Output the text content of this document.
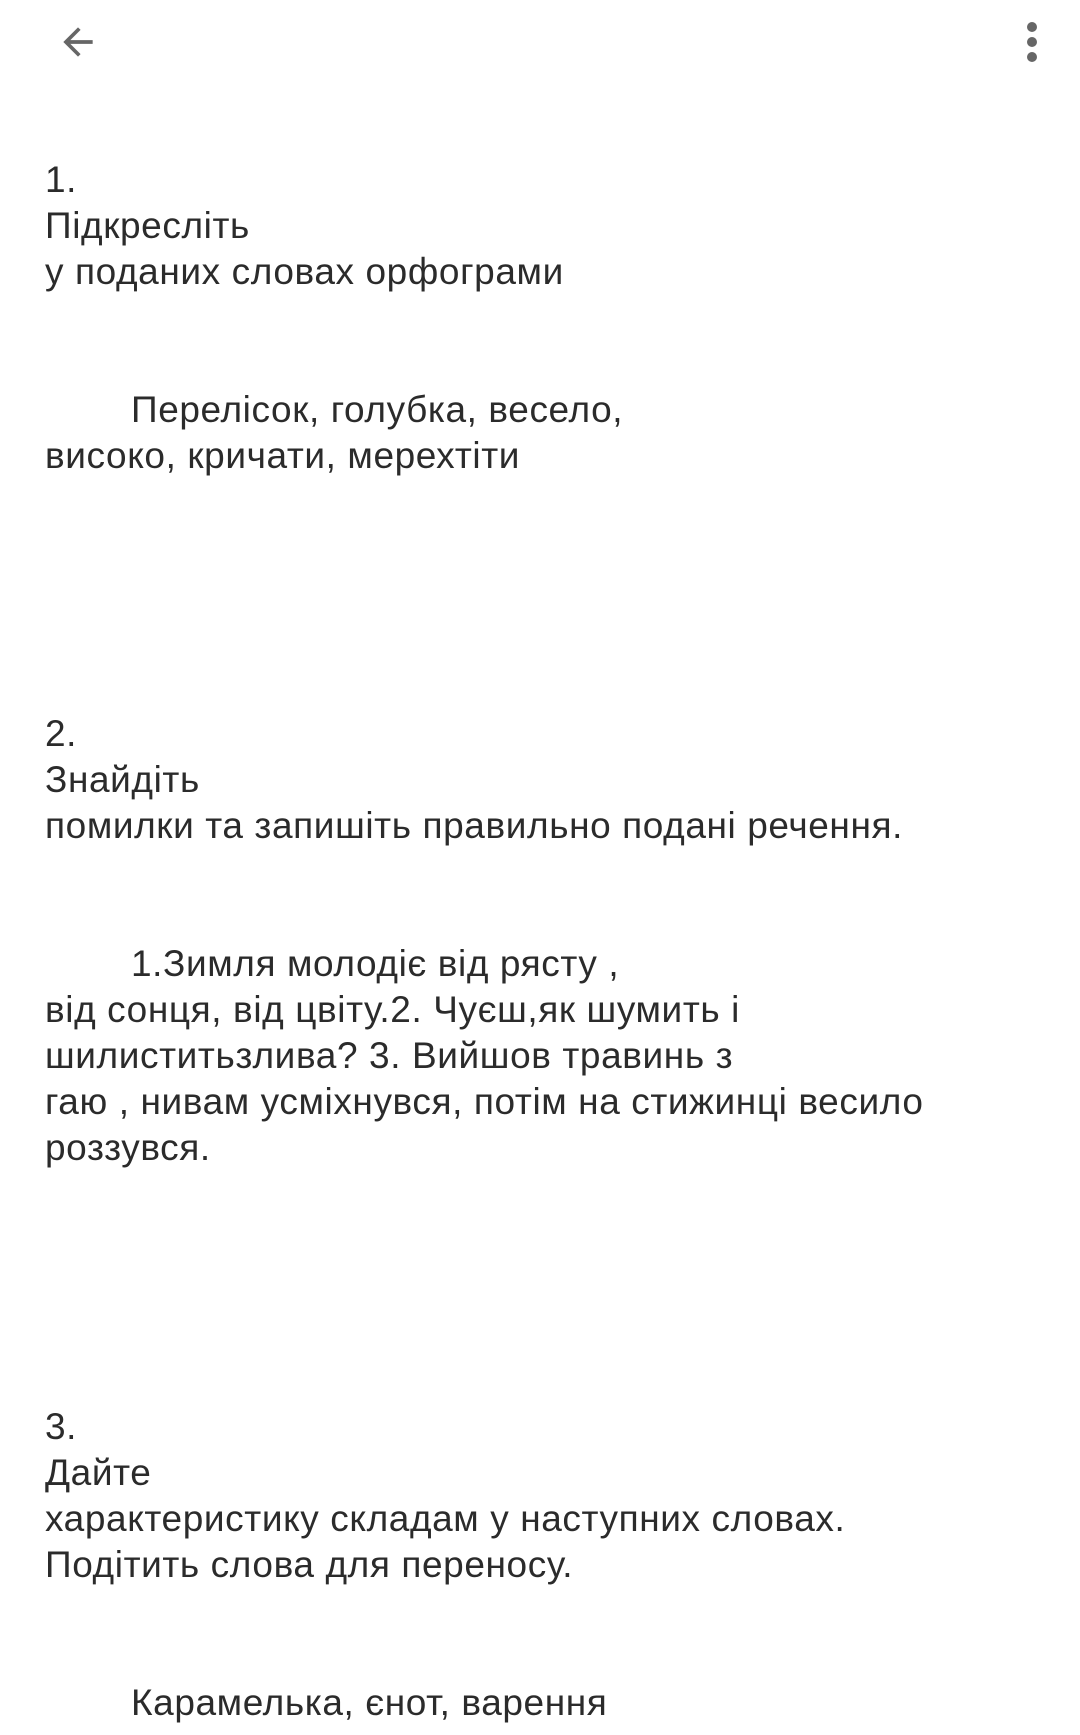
1.

Підкресліть

у поданих словах орфограми

Перелісок, голубка, весело,

високо, кричати, мерехтіти

2.

Знайдіть

помилки та запишіть правильно подані речення.

1.Зимля молодіє від рясту ,

від сонця, від цвіту.2. Чуєш,як шумить і

шилиститьзлива? 3. Вийшов травинь з

гаю , нивам усміхнувся, потім на стижинці весило

роззувся.

3.

Дайте

характеристику складам у наступних словах.

Подітить слова для переносу.

Карамелька, єнот, варення
